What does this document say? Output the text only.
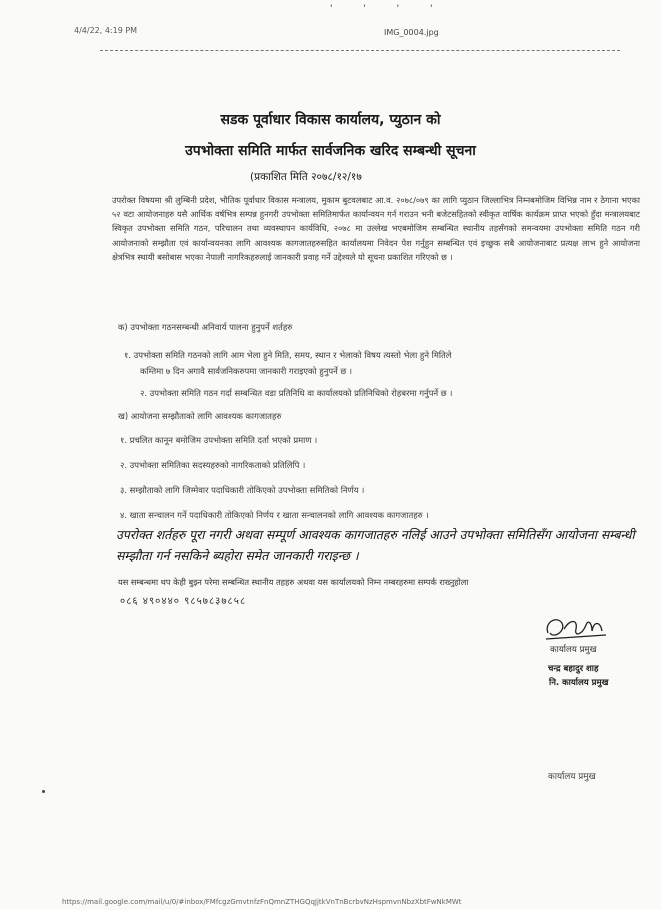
4/4/22, 4:19 PM	IMG_0004.jpg
' ' ' '
सडक पूर्वाधार विकास कार्यालय, प्युठान को
उपभोक्ता समिति मार्फत सार्वजनिक खरिद सम्बन्धी सूचना
(प्रकाशित मिति २०७८/१२/१७
उपरोक्त विषयमा श्री लुम्बिनी प्रदेश, भौतिक पूर्वाधार विकास मन्त्रालय, मुकाम बुटवलबाट आ.व. २०७८/०७९ का लागि प्युठान जिल्लाभित्र निम्नबमोजिम विभिन्न नाम र ठेगाना भएका ५२ वटा आयोजनाहरु यसै आर्थिक वर्षभित्र सम्पन्न हुनगरी उपभोक्ता समितिमार्फत कार्यान्वयन गर्न गराउन भनी बजेटसहितको स्वीकृत वार्षिक कार्यक्रम प्राप्त भएको हुँदा मन्त्रालयबाट स्विकृत उपभोक्ता समिति गठन, परिचालन तथा व्यवस्थापन कार्यविधि, २०७८ मा उल्लेख भएबमोजिम सम्बन्धित स्थानीय तहसँगको समन्वयमा उपभोक्ता समिति गठन गरी आयोजनाको सम्झौता एवं कार्यान्वयनका लागि आवश्यक कागजातहरुसहित कार्यालयमा निवेदन पेश गर्नुहुन सम्बन्धित एवं इच्छुक सबै आयोजनाबाट प्रत्यक्ष लाभ हुने आयोजना क्षेत्रभित्र स्थायी बसोबास भएका नेपाली नागरिकहरुलाई जानकारी प्रवाह गर्ने उद्देश्यले यो सूचना प्रकाशित गरिएको छ ।
क) उपभोक्ता गठनसम्बन्धी अनिवार्य पालना हुनुपर्ने शर्तहरु
१. उपभोक्ता समिति गठनको लागि आम भेला हुने मिति, समय, स्थान र भेलाको विषय त्यस्तो भेला हुने मितिले
कम्तिमा ७ दिन अगावै सार्वजनिकरुपमा जानकारी गराइएको हुनुपर्ने छ ।
२. उपभोक्ता समिति गठन गर्दा सम्बन्धित वडा प्रतिनिधि वा कार्यालयको प्रतिनिधिको रोहबरमा गर्नुपर्ने छ ।
ख) आयोजना सम्झौताको लागि आवश्यक कागजातहरु
१. प्रचलित कानून बमोजिम उपभोक्ता समिति दर्ता भएको प्रमाण ।
२. उपभोक्ता समितिका सदस्यहरुको नागरिकताको प्रतिलिपि ।
३. सम्झौताको लागि जिम्मेवार पदाधिकारी तोकिएको उपभोक्ता समितिको निर्णय ।
४. खाता सन्चालन गर्ने पदाधिकारी तोकिएको निर्णय र खाता सन्चालनको लागि आवश्यक कागजातहरु ।
उपरोक्त शर्तहरु पूरा नगरी अथवा सम्पूर्ण आवश्यक कागजातहरु नलिई आउने उपभोक्ता समितिसँग आयोजना सम्बन्धी सम्झौता गर्न नसकिने ब्यहोरा समेत जानकारी गराइन्छ ।
यस सम्बन्धमा थप केही बुझ्न परेमा सम्बन्धित स्थानीय तहहरु अथवा यस कार्यालयको निम्न नम्बरहरुमा सम्पर्क राख्नुहोला
०८६ ४९०४४० ९८५७८३७८५८
कार्यालय प्रमुख
चन्द्र बहादुर शाह
नि. कार्यालय प्रमुख
कार्यालय प्रमुख
https://mail.google.com/mail/u/0/#inbox/FMfcgzGmvtnfzFnQmnZTHGQqJjtkVnTnBcrbvNzHspmvnNbzXbtFwNkMWt
